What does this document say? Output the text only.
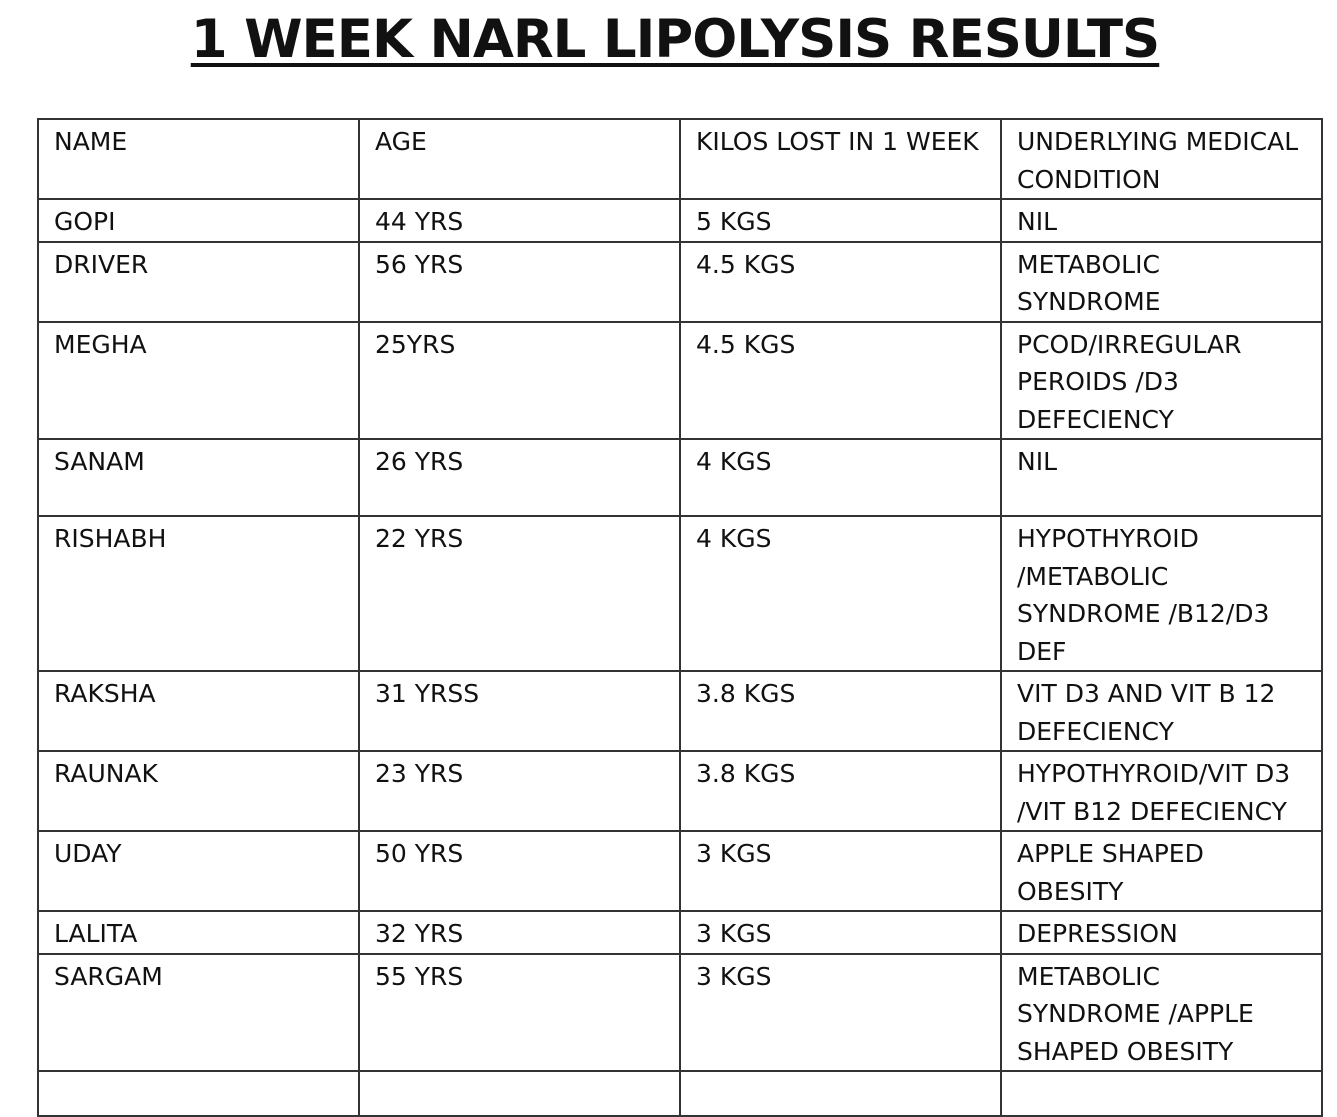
1 WEEK NARL LIPOLYSIS RESULTS
NAME	AGE	KILOS LOST IN 1 WEEK	UNDERLYING MEDICAL CONDITION
GOPI	44 YRS	5 KGS	NIL
DRIVER	56 YRS	4.5 KGS	METABOLIC SYNDROME
MEGHA	25YRS	4.5 KGS	PCOD/IRREGULAR PEROIDS /D3 DEFECIENCY
SANAM	26 YRS	4 KGS	NIL
RISHABH	22 YRS	4 KGS	HYPOTHYROID /METABOLIC SYNDROME /B12/D3 DEF
RAKSHA	31 YRSS	3.8 KGS	VIT D3 AND VIT B 12 DEFECIENCY
RAUNAK	23 YRS	3.8 KGS	HYPOTHYROID/VIT D3 /VIT B12 DEFECIENCY
UDAY	50 YRS	3 KGS	APPLE SHAPED OBESITY
LALITA	32 YRS	3 KGS	DEPRESSION
SARGAM	55 YRS	3 KGS	METABOLIC SYNDROME /APPLE SHAPED OBESITY
